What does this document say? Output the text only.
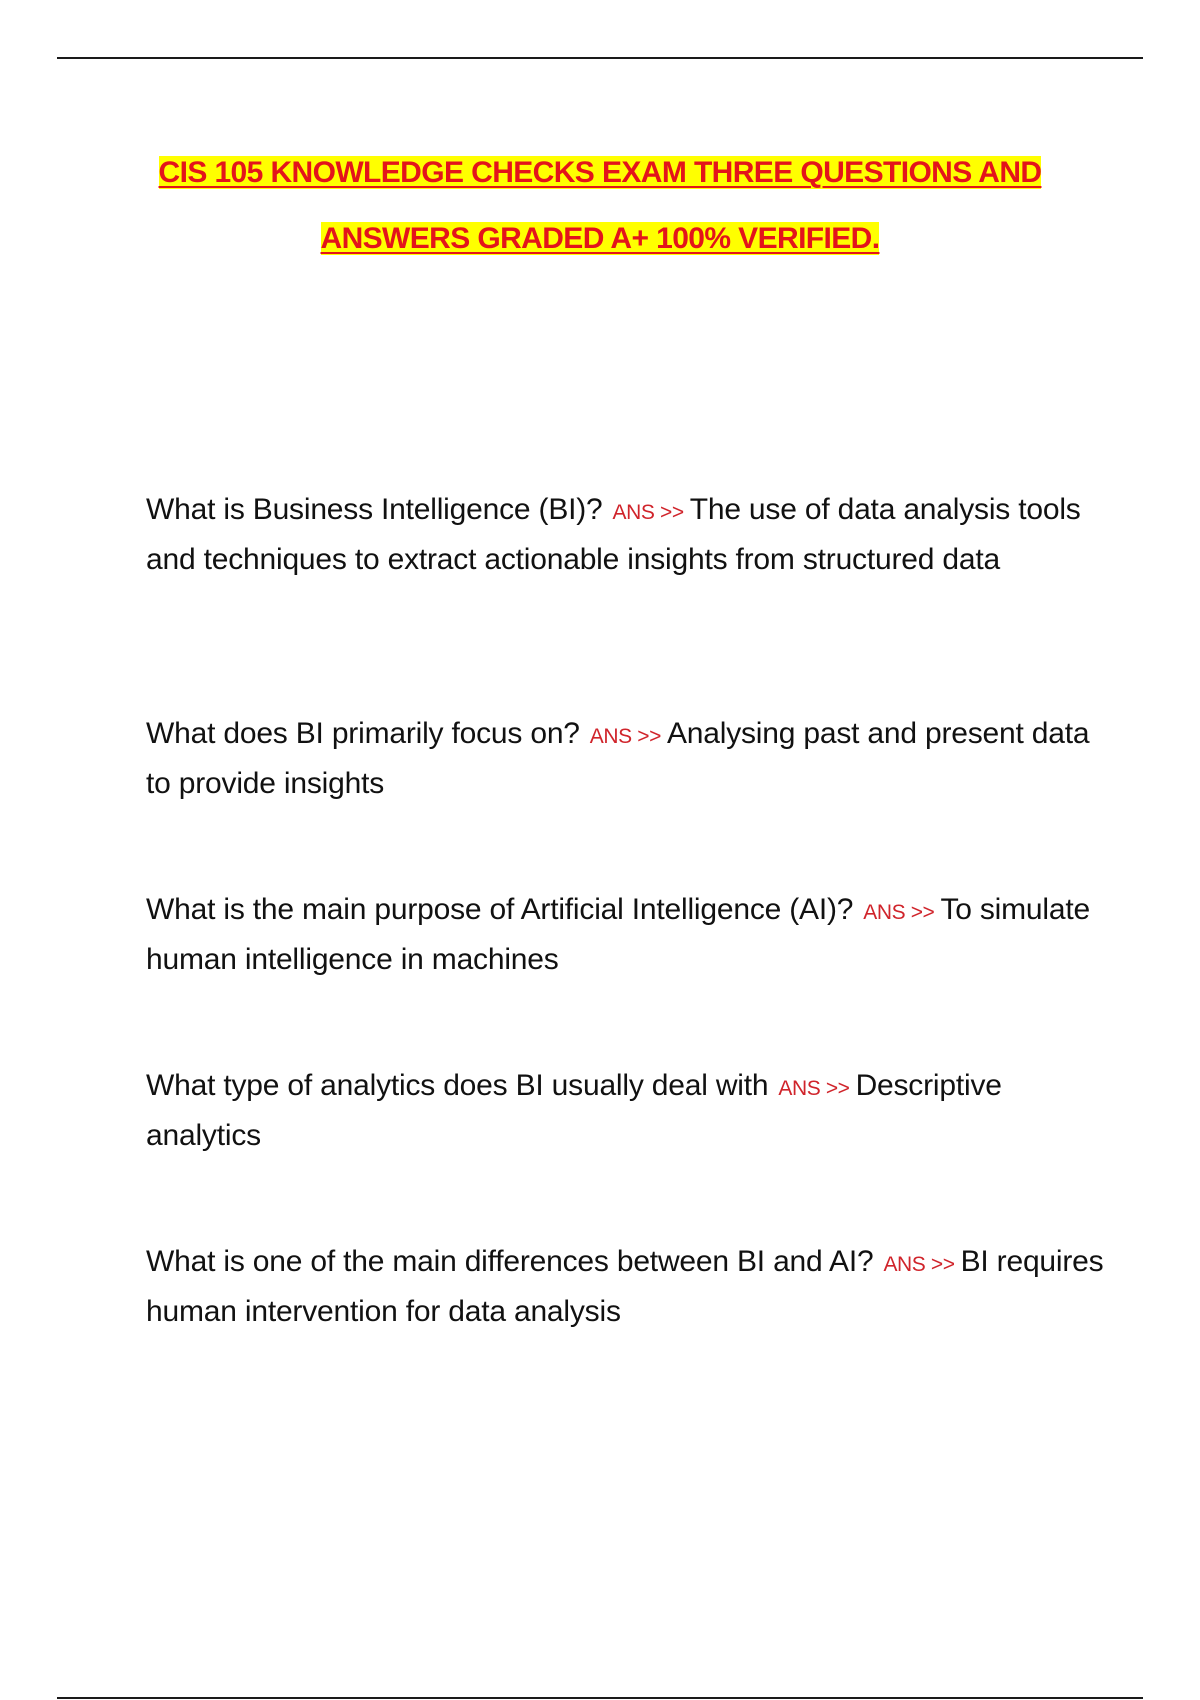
CIS 105 KNOWLEDGE CHECKS EXAM THREE QUESTIONS AND
ANSWERS GRADED A+ 100% VERIFIED.

What is Business Intelligence (BI)? ANS >> The use of data analysis tools and techniques to extract actionable insights from structured data

What does BI primarily focus on? ANS >> Analysing past and present data to provide insights

What is the main purpose of Artificial Intelligence (AI)? ANS >> To simulate human intelligence in machines

What type of analytics does BI usually deal with ANS >> Descriptive analytics

What is one of the main differences between BI and AI? ANS >> BI requires human intervention for data analysis
